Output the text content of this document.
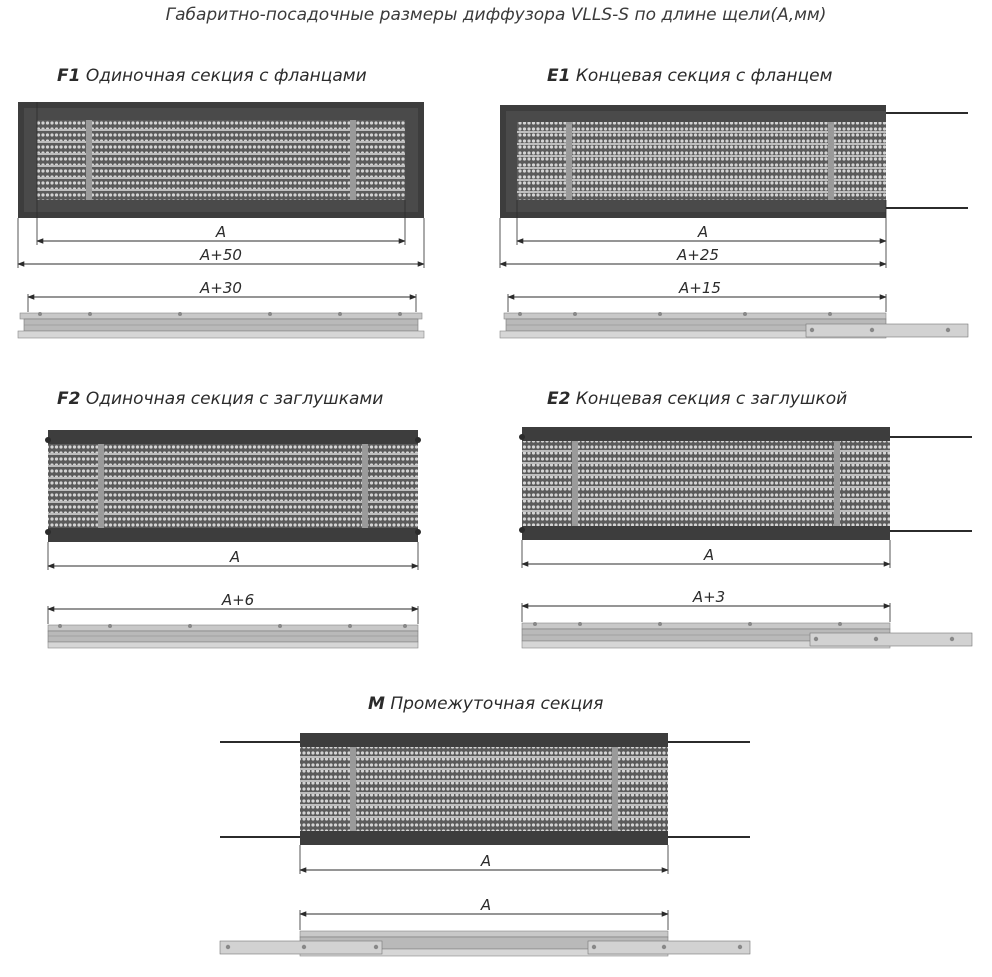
Габаритно-посадочные размеры диффузора VLLS-S по длине щели(А,мм)
F1 Одиночная секция с фланцами	E1 Концевая секция с фланцем
F2 Одиночная секция с заглушками	E2 Концевая секция с заглушкой
M Промежуточная секция
A
A+50
A+30
A
A+25
A+15
A
A+6
A
A+3
A
A
